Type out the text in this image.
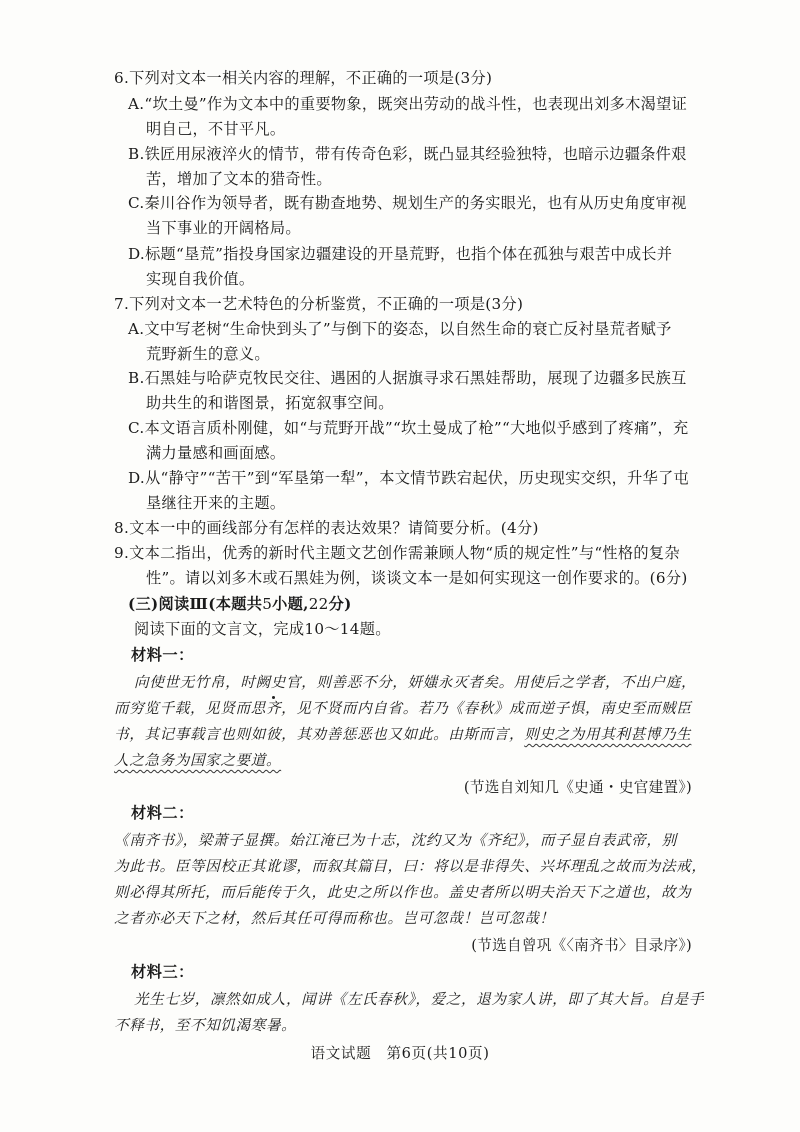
6.下列对文本一相关内容的理解，不正确的一项是(3分)
A.“坎土曼”作为文本中的重要物象，既突出劳动的战斗性，也表现出刘多木渴望证
明自己，不甘平凡。
B.铁匠用尿液淬火的情节，带有传奇色彩，既凸显其经验独特，也暗示边疆条件艰
苦，增加了文本的猎奇性。
C.秦川谷作为领导者，既有勘查地势、规划生产的务实眼光，也有从历史角度审视
当下事业的开阔格局。
D.标题“垦荒”指投身国家边疆建设的开垦荒野，也指个体在孤独与艰苦中成长并
实现自我价值。
7.下列对文本一艺术特色的分析鉴赏，不正确的一项是(3分)
A.文中写老树“生命快到头了”与倒下的姿态，以自然生命的衰亡反衬垦荒者赋予
荒野新生的意义。
B.石黑娃与哈萨克牧民交往、遇困的人据旗寻求石黑娃帮助，展现了边疆多民族互
助共生的和谐图景，拓宽叙事空间。
C.本文语言质朴刚健，如“与荒野开战”“坎土曼成了枪”“大地似乎感到了疼痛”，充
满力量感和画面感。
D.从“静守”“苦干”到“军垦第一犁”，本文情节跌宕起伏，历史现实交织，升华了屯
垦继往开来的主题。
8.文本一中的画线部分有怎样的表达效果？请简要分析。(4分)
9.文本二指出，优秀的新时代主题文艺创作需兼顾人物“质的规定性”与“性格的复杂
性”。请以刘多木或石黑娃为例，谈谈文本一是如何实现这一创作要求的。(6分)
(三)阅读Ⅲ(本题共5小题,22分)
阅读下面的文言文，完成10～14题。
材料一：
向使世无竹帛，时阙史官，则善恶不分，妍媸永灭者矣。用使后之学者，不出户庭，
而穷览千载，见贤而思齐，见不贤而内自省。若乃《春秋》成而逆子惧，南史至而贼臣
书，其记事载言也则如彼，其劝善惩恶也又如此。由斯而言，则史之为用其利甚博乃生
人之急务为国家之要道。
(节选自刘知几《史通・史官建置》)
材料二：
《南齐书》，梁萧子显撰。始江淹已为十志，沈约又为《齐纪》，而子显自表武帝，别
为此书。臣等因校正其讹谬，而叙其篇目，曰：将以是非得失、兴坏理乱之故而为法戒，
则必得其所托，而后能传于久，此史之所以作也。盖史者所以明夫治天下之道也，故为
之者亦必天下之材，然后其任可得而称也。岂可忽哉！岂可忽哉！
(节选自曾巩《〈南齐书〉目录序》)
材料三：
光生七岁，凛然如成人，闻讲《左氏春秋》，爱之，退为家人讲，即了其大旨。自是手
不释书，至不知饥渴寒暑。
语文试题　第6页(共10页)
